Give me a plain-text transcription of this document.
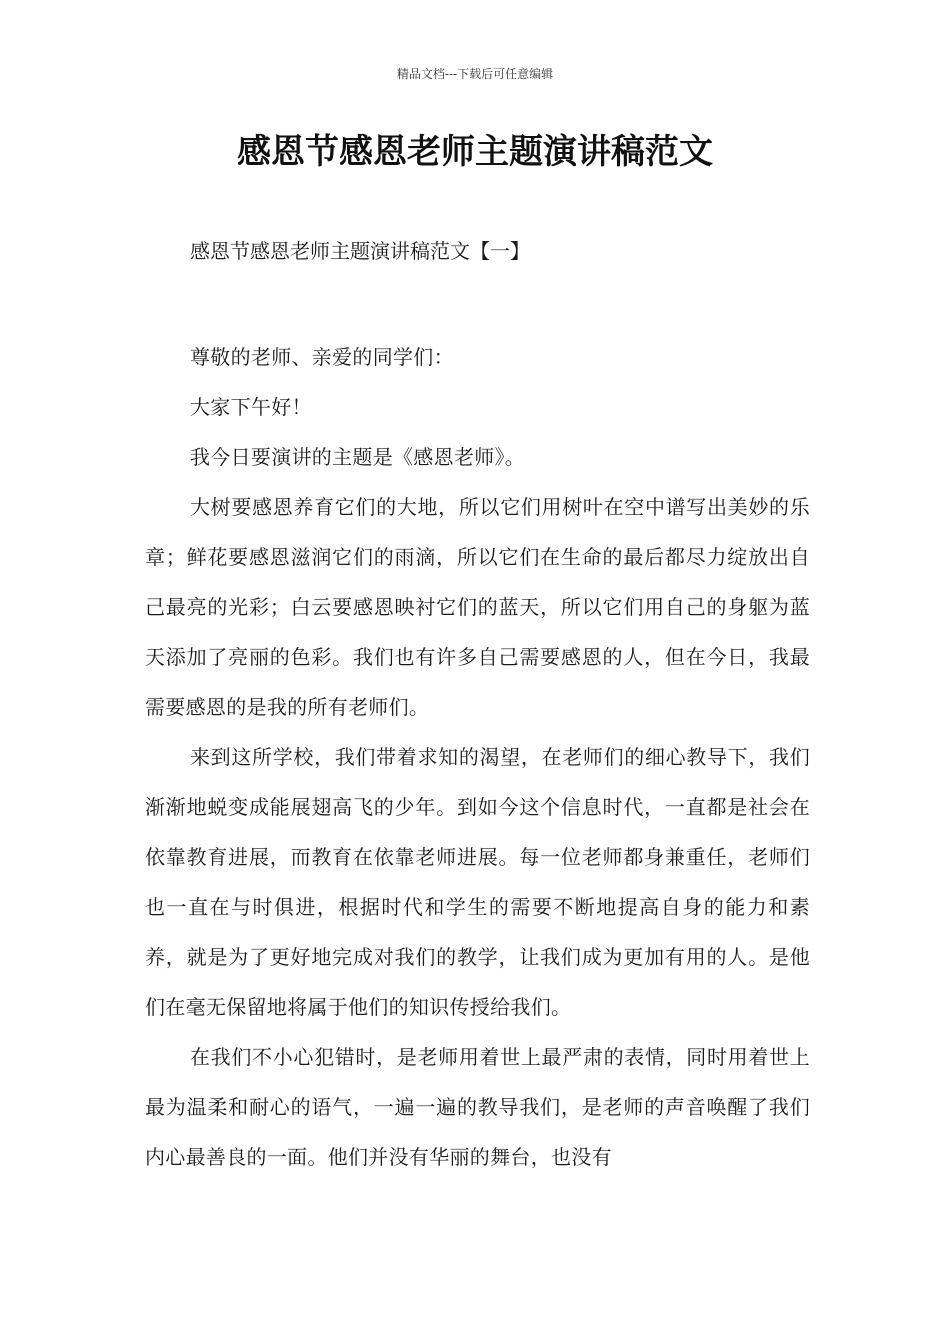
精品文档---下载后可任意编辑
感恩节感恩老师主题演讲稿范文
感恩节感恩老师主题演讲稿范文【一】

尊敬的老师、亲爱的同学们：

大家下午好！

我今日要演讲的主题是《感恩老师》。

大树要感恩养育它们的大地，所以它们用树叶在空中谱写出美妙的乐章；鲜花要感恩滋润它们的雨滴，所以它们在生命的最后都尽力绽放出自己最亮的光彩；白云要感恩映衬它们的蓝天，所以它们用自己的身躯为蓝天添加了亮丽的色彩。我们也有许多自己需要感恩的人，但在今日，我最需要感恩的是我的所有老师们。

来到这所学校，我们带着求知的渴望，在老师们的细心教导下，我们渐渐地蜕变成能展翅高飞的少年。到如今这个信息时代，一直都是社会在依靠教育进展，而教育在依靠老师进展。每一位老师都身兼重任，老师们也一直在与时俱进，根据时代和学生的需要不断地提高自身的能力和素养，就是为了更好地完成对我们的教学，让我们成为更加有用的人。是他们在毫无保留地将属于他们的知识传授给我们。

在我们不小心犯错时，是老师用着世上最严肃的表情，同时用着世上最为温柔和耐心的语气，一遍一遍的教导我们，是老师的声音唤醒了我们内心最善良的一面。他们并没有华丽的舞台，也没有
